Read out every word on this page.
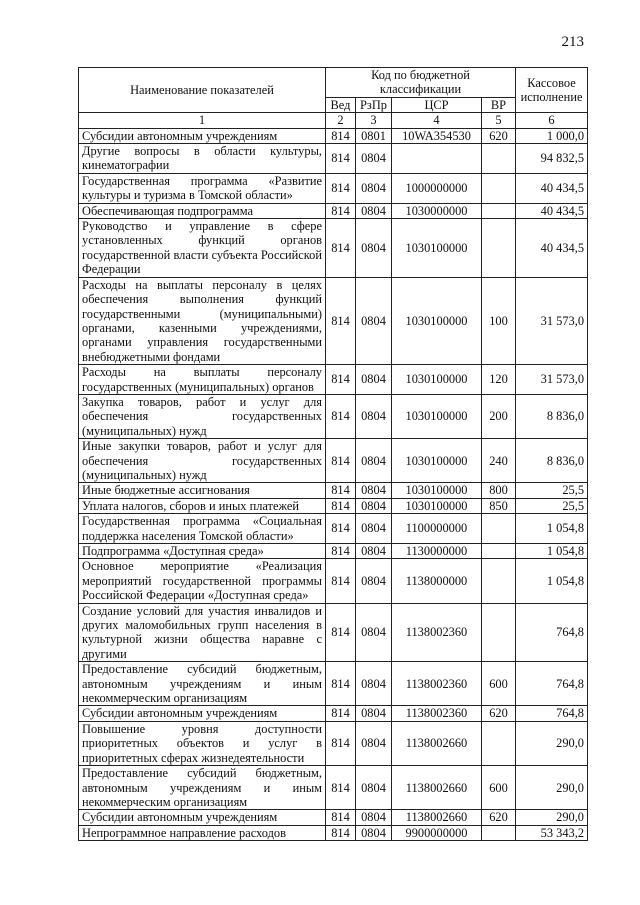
213
Наименование показателей	Код по бюджетной классификации				Кассовое исполнение
	Вед	РзПр	ЦСР	ВР	
1	2	3	4	5	6
Субсидии автономным учреждениям	814	0801	10WA354530	620	1 000,0
Другие вопросы в области культуры, кинематографии	814	0804			94 832,5
Государственная программа «Развитие культуры и туризма в Томской области»	814	0804	1000000000		40 434,5
Обеспечивающая подпрограмма	814	0804	1030000000		40 434,5
Руководство и управление в сфере установленных функций органов государственной власти субъекта Российской Федерации	814	0804	1030100000		40 434,5
Расходы на выплаты персоналу в целях обеспечения выполнения функций государственными (муниципальными) органами, казенными учреждениями, органами управления государственными внебюджетными фондами	814	0804	1030100000	100	31 573,0
Расходы на выплаты персоналу государственных (муниципальных) органов	814	0804	1030100000	120	31 573,0
Закупка товаров, работ и услуг для обеспечения государственных (муниципальных) нужд	814	0804	1030100000	200	8 836,0
Иные закупки товаров, работ и услуг для обеспечения государственных (муниципальных) нужд	814	0804	1030100000	240	8 836,0
Иные бюджетные ассигнования	814	0804	1030100000	800	25,5
Уплата налогов, сборов и иных платежей	814	0804	1030100000	850	25,5
Государственная программа «Социальная поддержка населения Томской области»	814	0804	1100000000		1 054,8
Подпрограмма «Доступная среда»	814	0804	1130000000		1 054,8
Основное мероприятие «Реализация мероприятий государственной программы Российской Федерации «Доступная среда»	814	0804	1138000000		1 054,8
Создание условий для участия инвалидов и других маломобильных групп населения в культурной жизни общества наравне с другими	814	0804	1138002360		764,8
Предоставление субсидий бюджетным, автономным учреждениям и иным некоммерческим организациям	814	0804	1138002360	600	764,8
Субсидии автономным учреждениям	814	0804	1138002360	620	764,8
Повышение уровня доступности приоритетных объектов и услуг в приоритетных сферах жизнедеятельности	814	0804	1138002660		290,0
Предоставление субсидий бюджетным, автономным учреждениям и иным некоммерческим организациям	814	0804	1138002660	600	290,0
Субсидии автономным учреждениям	814	0804	1138002660	620	290,0
Непрограммное направление расходов	814	0804	9900000000		53 343,2
